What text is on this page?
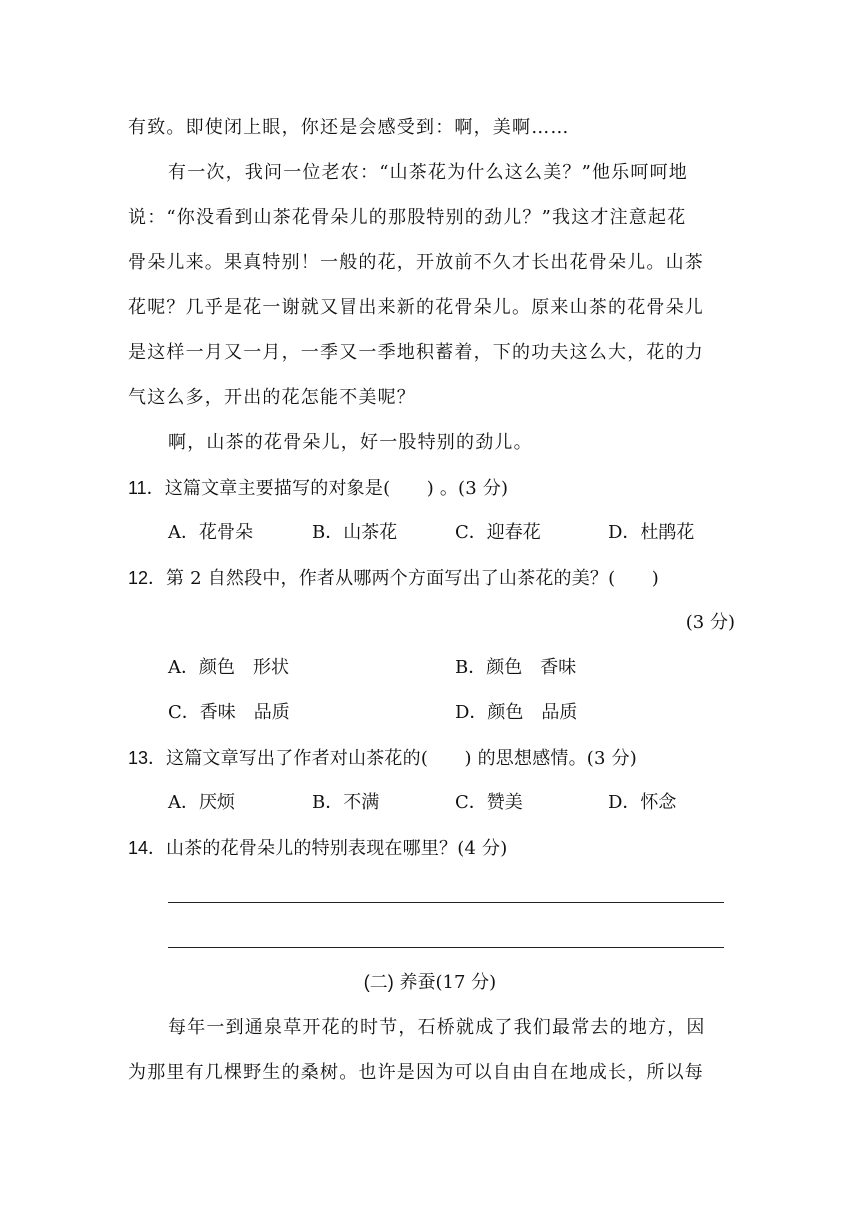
有致。即使闭上眼，你还是会感受到：啊，美啊……
有一次，我问一位老农：“山茶花为什么这么美？”他乐呵呵地
说：“你没看到山茶花骨朵儿的那股特别的劲儿？”我这才注意起花
骨朵儿来。果真特别！一般的花，开放前不久才长出花骨朵儿。山茶
花呢？几乎是花一谢就又冒出来新的花骨朵儿。原来山茶的花骨朵儿
是这样一月又一月，一季又一季地积蓄着，下的功夫这么大，花的力
气这么多，开出的花怎能不美呢？
啊，山茶的花骨朵儿，好一股特别的劲儿。
11．这篇文章主要描写的对象是(　　) 。(3 分)
A．花骨朵	B．山茶花	C．迎春花	D．杜鹃花
12．第 2 自然段中，作者从哪两个方面写出了山茶花的美？(　　)
(3 分)
A．颜色　形状	B．颜色　香味
C．香味　品质	D．颜色　品质
13．这篇文章写出了作者对山茶花的(　　) 的思想感情。(3 分)
A．厌烦	B．不满	C．赞美	D．怀念
14．山茶的花骨朵儿的特别表现在哪里？(4 分)
(二) 养蚕(17 分)
每年一到通泉草开花的时节，石桥就成了我们最常去的地方，因
为那里有几棵野生的桑树。也许是因为可以自由自在地成长，所以每
